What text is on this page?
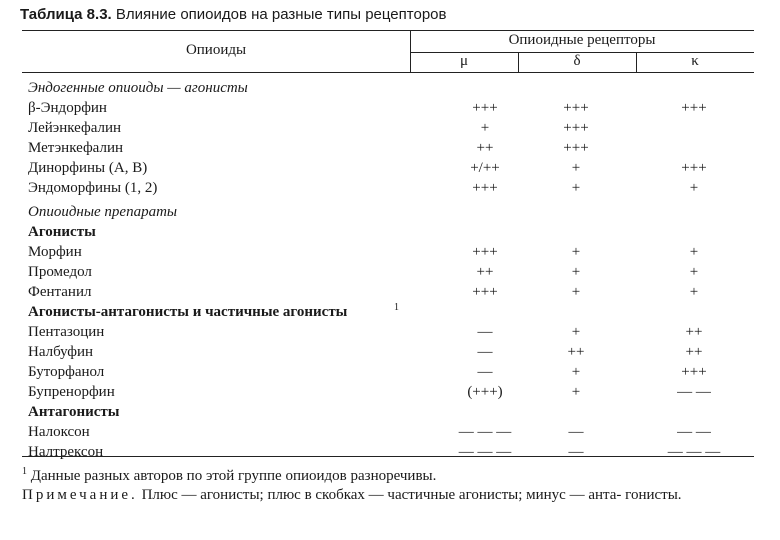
Таблица 8.3. Влияние опиоидов на разные типы рецепторов
Опиоиды
Опиоидные рецепторы
μ	δ	κ
Эндогенные опиоиды — агонисты
β-Эндорфин	+++	+++	+++
Лейэнкефалин	+	+++
Метэнкефалин	++	+++
Динорфины (А, В)	+/++	+	+++
Эндоморфины (1, 2)	+++	+	+
Опиоидные препараты
Агонисты
Морфин	+++	+	+
Промедол	++	+	+
Фентанил	+++	+	+
Агонисты-антагонисты и частичные агонисты	1
Пентазоцин	—	+	++
Налбуфин	—	++	++
Буторфанол	—	+	+++
Бупренорфин	(+++)	+	— —
Антагонисты
Налоксон	— — —	—	— —
Налтрексон	— — —	—	— — —
$^1$ Данные разных авторов по этой группе опиоидов разноречивы.
Примечание. Плюс — агонисты; плюс в скобках — частичные агонисты; минус — анта- гонисты.
